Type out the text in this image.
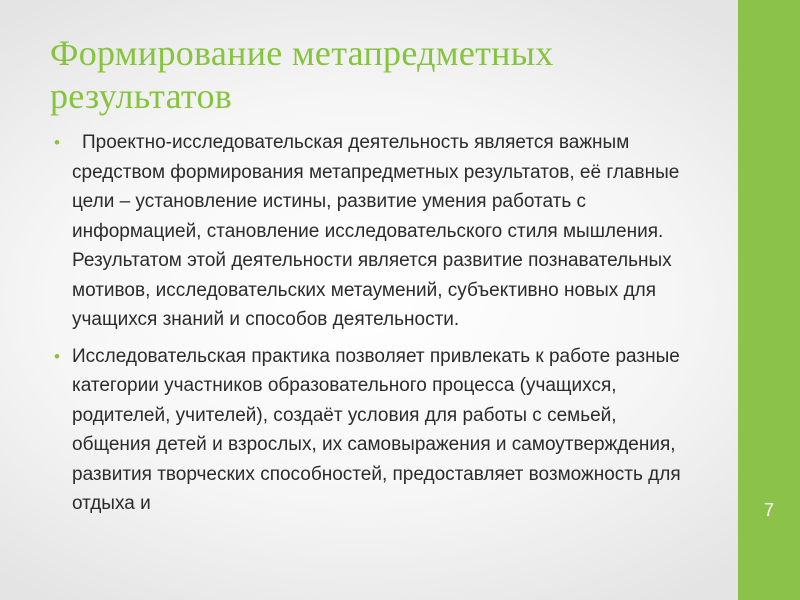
Формирование метапредметных результатов
•	Проектно-исследовательская деятельность является важным средством формирования метапредметных результатов, её главные цели – установление истины, развитие умения работать с информацией, становление исследовательского стиля мышления. Результатом этой деятельности является развитие познавательных мотивов, исследовательских метаумений, субъективно новых для учащихся знаний и способов деятельности.
• Исследовательская практика позволяет привлекать к работе разные категории участников образовательного процесса (учащихся, родителей, учителей), создаёт условия для работы с семьей, общения детей и взрослых, их самовыражения и самоутверждения, развития творческих способностей, предоставляет возможность для отдыха и	7
